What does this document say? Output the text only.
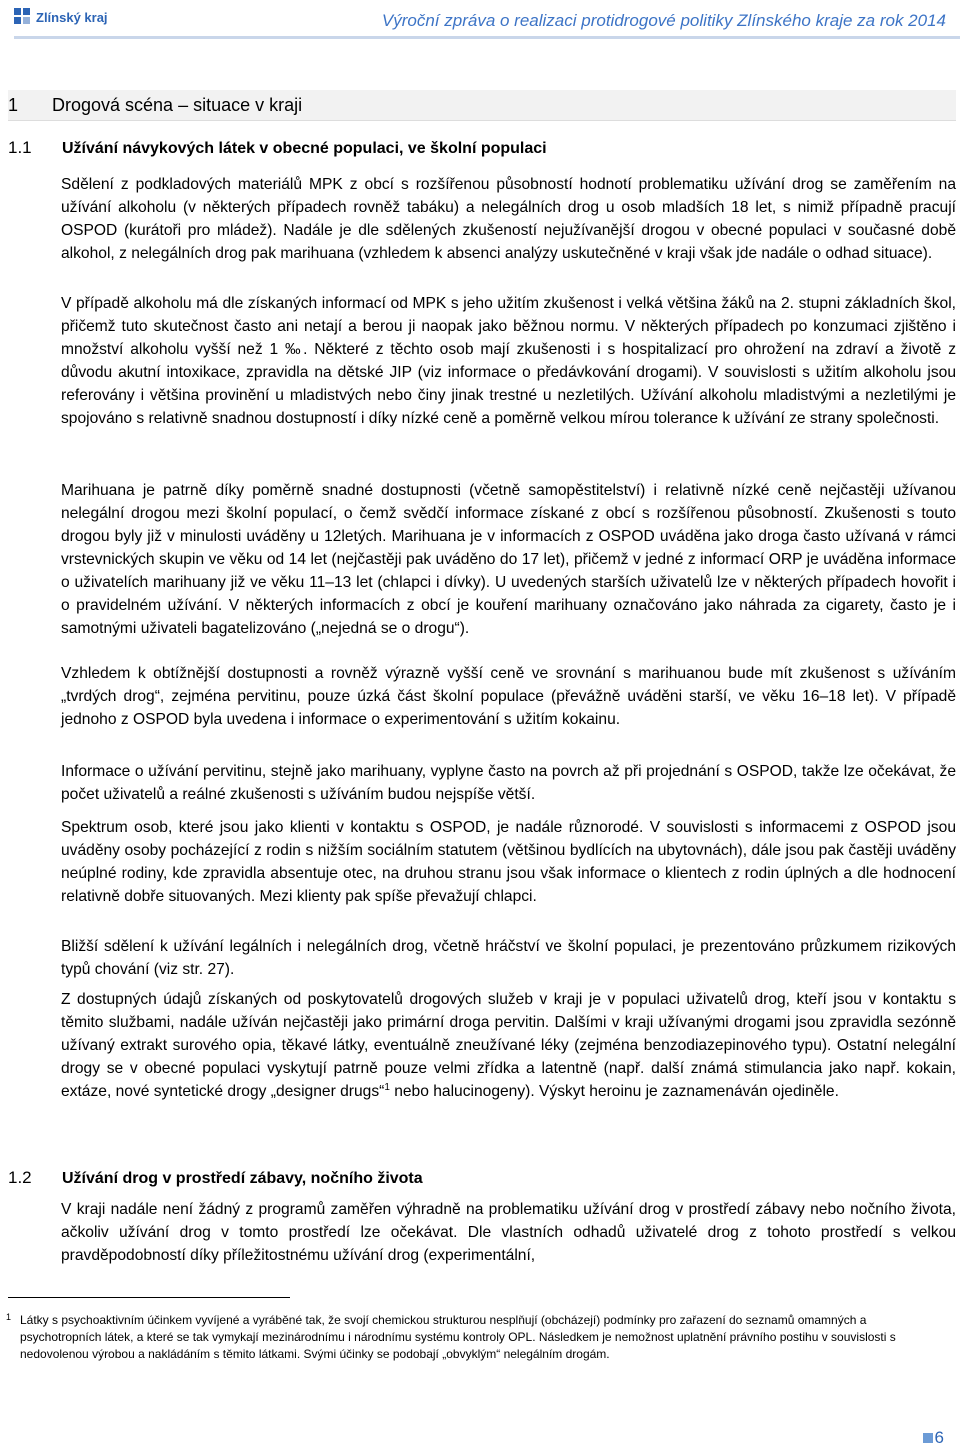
Zlínský kraj	Výroční zpráva o realizaci protidrogové politiky Zlínského kraje za rok 2014
1 Drogová scéna – situace v kraji
1.1 Užívání návykových látek v obecné populaci, ve školní populaci

Sdělení z podkladových materiálů MPK z obcí s rozšířenou působností hodnotí problematiku užívání drog se zaměřením na užívání alkoholu (v některých případech rovněž tabáku) a nelegálních drog u osob mladších 18 let, s nimiž případně pracují OSPOD (kurátoři pro mládež). Nadále je dle sdělených zkušeností nejužívanější drogou v obecné populaci v současné době alkohol, z nelegálních drog pak marihuana (vzhledem k absenci analýzy uskutečněné v kraji však jde nadále o odhad situace).

V případě alkoholu má dle získaných informací od MPK s jeho užitím zkušenost i velká většina žáků na 2. stupni základních škol, přičemž tuto skutečnost často ani netají a berou ji naopak jako běžnou normu. V některých případech po konzumaci zjištěno i množství alkoholu vyšší než 1 ‰. Některé z těchto osob mají zkušenosti i s hospitalizací pro ohrožení na zdraví a životě z důvodu akutní intoxikace, zpravidla na dětské JIP (viz informace o předávkování drogami). V souvislosti s užitím alkoholu jsou referovány i většina provinění u mladistvých nebo činy jinak trestné u nezletilých. Užívání alkoholu mladistvými a nezletilými je spojováno s relativně snadnou dostupností i díky nízké ceně a poměrně velkou mírou tolerance k užívání ze strany společnosti.

Marihuana je patrně díky poměrně snadné dostupnosti (včetně samopěstitelství) i relativně nízké ceně nejčastěji užívanou nelegální drogou mezi školní populací, o čemž svědčí informace získané z obcí s rozšířenou působností. Zkušenosti s touto drogou byly již v minulosti uváděny u 12letých. Marihuana je v informacích z OSPOD uváděna jako droga často užívaná v rámci vrstevnických skupin ve věku od 14 let (nejčastěji pak uváděno do 17 let), přičemž v jedné z informací ORP je uváděna informace o uživatelích marihuany již ve věku 11–13 let (chlapci i dívky). U uvedených starších uživatelů lze v některých případech hovořit i o pravidelném užívání. V některých informacích z obcí je kouření marihuany označováno jako náhrada za cigarety, často je i samotnými uživateli bagatelizováno („nejedná se o drogu“).

Vzhledem k obtížnější dostupnosti a rovněž výrazně vyšší ceně ve srovnání s marihuanou bude mít zkušenost s užíváním „tvrdých drog“, zejména pervitinu, pouze úzká část školní populace (převážně uváděni starší, ve věku 16–18 let). V případě jednoho z OSPOD byla uvedena i informace o experimentování s užitím kokainu.

Informace o užívání pervitinu, stejně jako marihuany, vyplyne často na povrch až při projednání s OSPOD, takže lze očekávat, že počet uživatelů a reálné zkušenosti s užíváním budou nejspíše větší.

Spektrum osob, které jsou jako klienti v kontaktu s OSPOD, je nadále různorodé. V souvislosti s informacemi z OSPOD jsou uváděny osoby pocházející z rodin s nižším sociálním statutem (většinou bydlících na ubytovnách), dále jsou pak častěji uváděny neúplné rodiny, kde zpravidla absentuje otec, na druhou stranu jsou však informace o klientech z rodin úplných a dle hodnocení relativně dobře situovaných. Mezi klienty pak spíše převažují chlapci.

Bližší sdělení k užívání legálních i nelegálních drog, včetně hráčství ve školní populaci, je prezentováno průzkumem rizikových typů chování (viz str. 27).

Z dostupných údajů získaných od poskytovatelů drogových služeb v kraji je v populaci uživatelů drog, kteří jsou v kontaktu s těmito službami, nadále užíván nejčastěji jako primární droga pervitin. Dalšími v kraji užívanými drogami jsou zpravidla sezónně užívaný extrakt surového opia, těkavé látky, eventuálně zneužívané léky (zejména benzodiazepinového typu). Ostatní nelegální drogy se v obecné populaci vyskytují patrně pouze velmi zřídka a latentně (např. další známá stimulancia jako např. kokain, extáze, nové syntetické drogy „designer drugs“$^1$ nebo halucinogeny). Výskyt heroinu je zaznamenáván ojediněle.

1.2 Užívání drog v prostředí zábavy, nočního života

V kraji nadále není žádný z programů zaměřen výhradně na problematiku užívání drog v prostředí zábavy nebo nočního života, ačkoliv užívání drog v tomto prostředí lze očekávat. Dle vlastních odhadů uživatelé drog z tohoto prostředí s velkou pravděpodobností díky příležitostnému užívání drog (experimentální,

1 Látky s psychoaktivním účinkem vyvíjené a vyráběné tak, že svojí chemickou strukturou nesplňují (obcházejí) podmínky pro zařazení do seznamů omamných a psychotropních látek, a které se tak vymykají mezinárodnímu i národnímu systému kontroly OPL. Následkem je nemožnost uplatnění právního postihu v souvislosti s nedovolenou výrobou a nakládáním s těmito látkami. Svými účinky se podobají „obvyklým“ nelegálním drogám.
6
